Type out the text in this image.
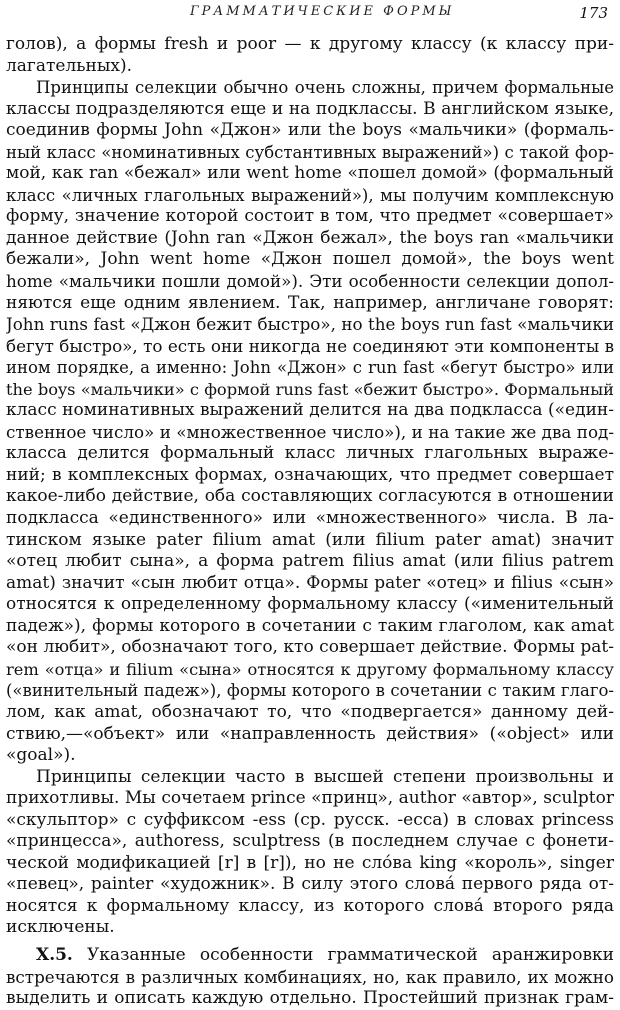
ГРАММАТИЧЕСКИЕ ФОРМЫ	173
голов), а формы fresh и poor — к другому классу (к классу при-
лагательных).
Принципы селекции обычно очень сложны, причем формальные
классы подразделяются еще и на подклассы. В английском языке,
соединив формы John «Джон» или the boys «мальчики» (формаль-
ный класс «номинативных субстантивных выражений») с такой фор-
мой, как ran «бежал» или went home «пошел домой» (формальный
класс «личных глагольных выражений»), мы получим комплексную
форму, значение которой состоит в том, что предмет «совершает»
данное действие (John ran «Джон бежал», the boys ran «мальчики
бежали», John went home «Джон пошел домой», the boys went
home «мальчики пошли домой»). Эти особенности селекции допол-
няются еще одним явлением. Так, например, англичане говорят:
John runs fast «Джон бежит быстро», но the boys run fast «мальчики
бегут быстро», то есть они никогда не соединяют эти компоненты в
ином порядке, а именно: John «Джон» с run fast «бегут быстро» или
the boys «мальчики» с формой runs fast «бежит быстро». Формальный
класс номинативных выражений делится на два подкласса («един-
ственное число» и «множественное число»), и на такие же два под-
класса делится формальный класс личных глагольных выраже-
ний; в комплексных формах, означающих, что предмет совершает
какое-либо действие, оба составляющих согласуются в отношении
подкласса «единственного» или «множественного» числа. В ла-
тинском языке pater filium amat (или filium pater amat) значит
«отец любит сына», а форма patrem filius amat (или filius patrem
amat) значит «сын любит отца». Формы pater «отец» и filius «сын»
относятся к определенному формальному классу («именительный
падеж»), формы которого в сочетании с таким глаголом, как amat
«он любит», обозначают того, кто совершает действие. Формы pat-
rem «отца» и filium «сына» относятся к другому формальному классу
(«винительный падеж»), формы которого в сочетании с таким глаго-
лом, как amat, обозначают то, что «подвергается» данному дей-
ствию,—«объект» или «направленность действия» («object» или
«goal»).
Принципы селекции часто в высшей степени произвольны и
прихотливы. Мы сочетаем prince «принц», author «автор», sculptor
«скульптор» с суффиксом -ess (ср. русск. -есса) в словах princess
«принцесса», authoress, sculptress (в последнем случае с фонети-
ческой модификацией [r] в [r]), но не сло́ва king «король», singer
«певец», painter «художник». В силу этого слова́ первого ряда от-
носятся к формальному классу, из которого слова́ второго ряда
исключены.
X.5. Указанные особенности грамматической аранжировки
встречаются в различных комбинациях, но, как правило, их можно
выделить и описать каждую отдельно. Простейший признак грам-
